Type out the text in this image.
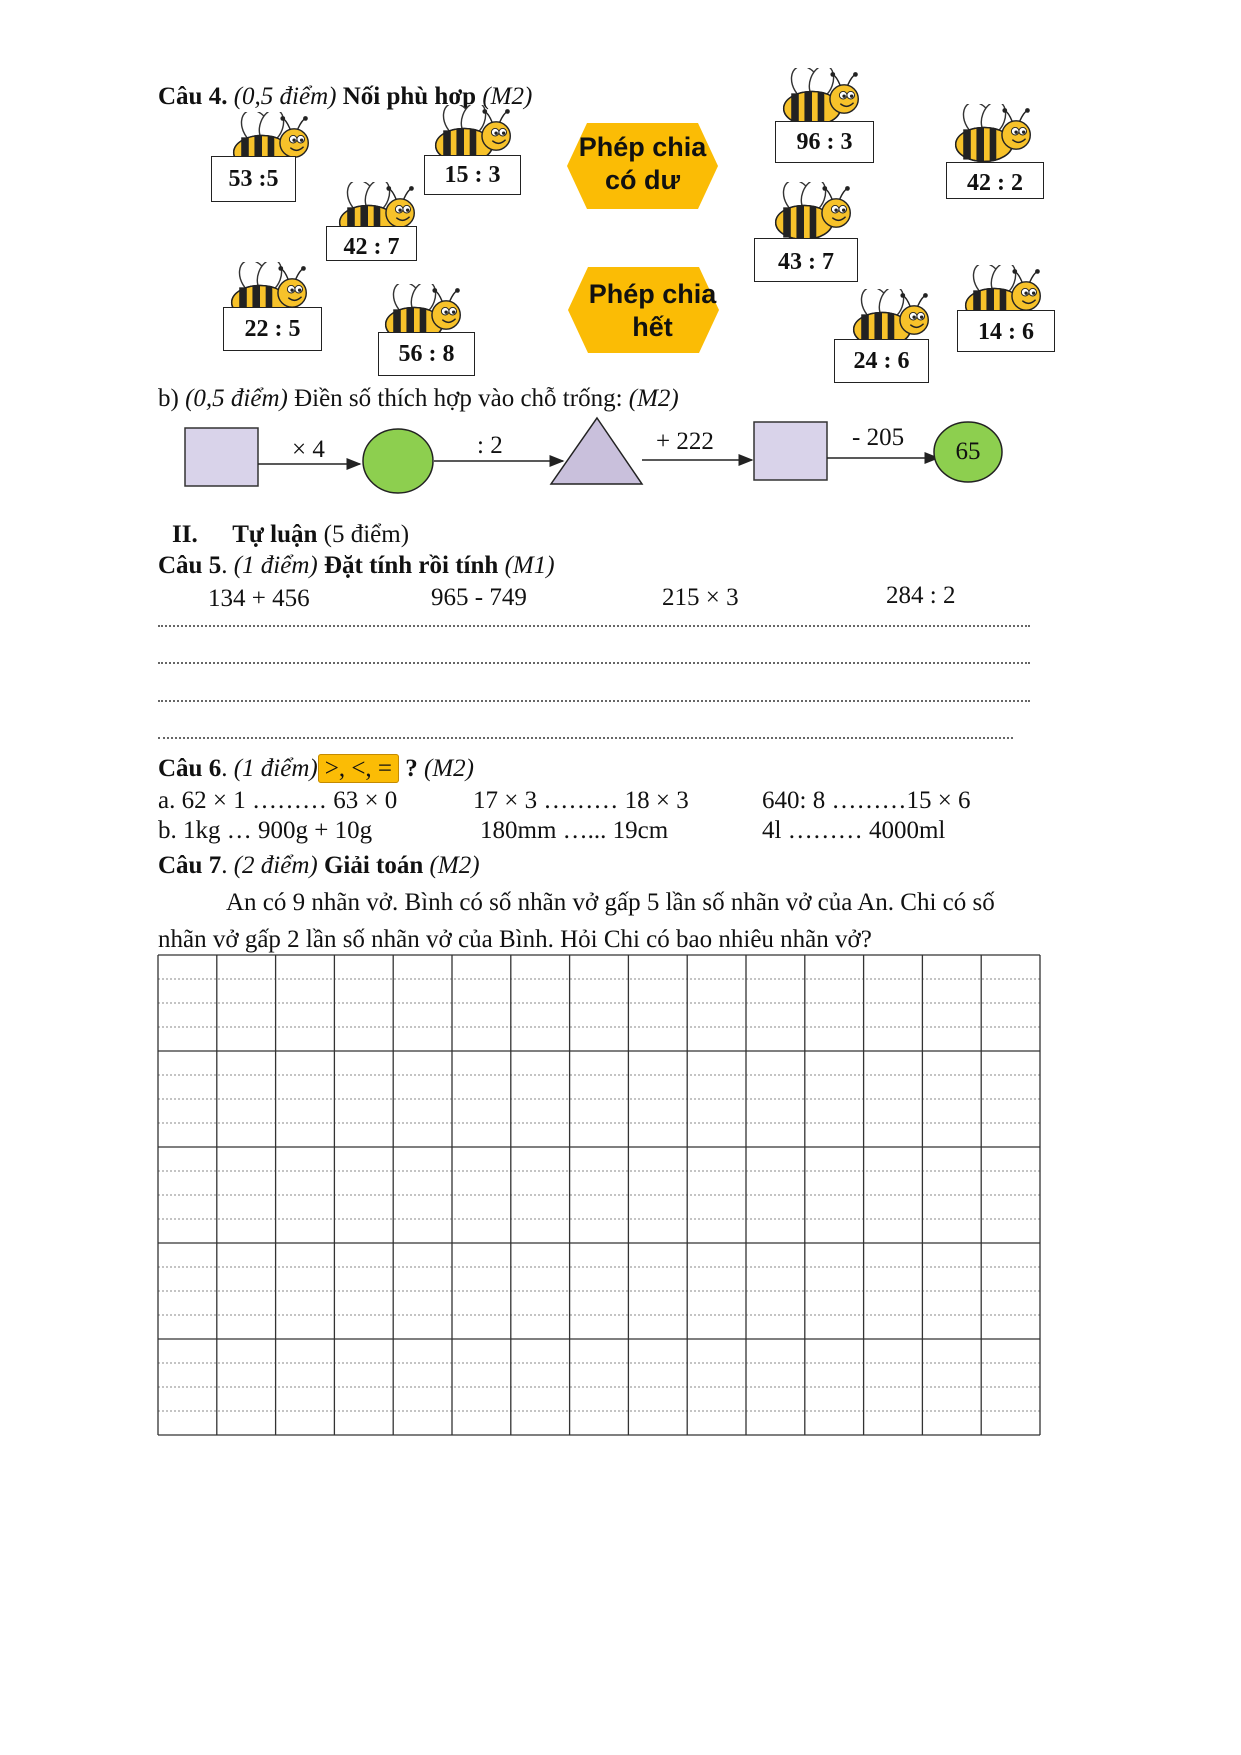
Câu 4. (0,5 điểm) Nối phù hợp (M2)
53 :5	15 : 3
42 : 7
22 : 5
56 : 8
96 : 3
42 : 2
43 : 7
24 : 6
14 : 6
Phép chia
có dư
Phép chia
hết
b) (0,5 điểm) Điền số thích hợp vào chỗ trống: (M2)
× 4	: 2	+ 222	- 205
65
II. Tự luận (5 điểm)
Câu 5. (1 điểm) Đặt tính rồi tính (M1)
134 + 456	965 - 749	215 × 3	284 : 2
Câu 6. (1 điểm) >, <, = ? (M2)
a. 62 × 1 ……… 63 × 0	17 × 3 ……… 18 × 3	640: 8 ………15 × 6
b. 1kg … 900g + 10g	180mm …... 19cm	4l ……… 4000ml
Câu 7. (2 điểm) Giải toán (M2)
An có 9 nhãn vở. Bình có số nhãn vở gấp 5 lần số nhãn vở của An. Chi có số
nhãn vở gấp 2 lần số nhãn vở của Bình. Hỏi Chi có bao nhiêu nhãn vở?
